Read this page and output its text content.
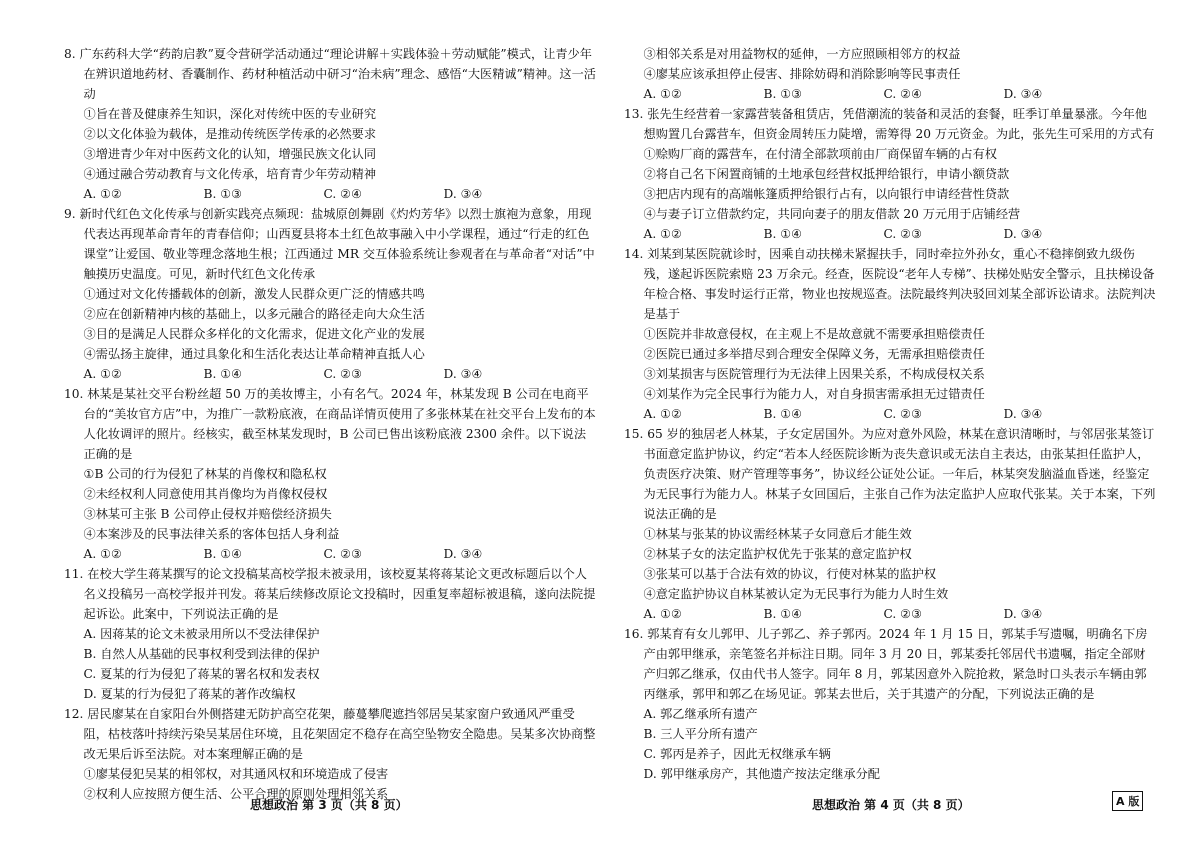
8. 广东药科大学“药韵启教”夏令营研学活动通过“理论讲解＋实践体验＋劳动赋能”模式，让青少年在辨识道地药材、香囊制作、药材种植活动中研习“治未病”理念、感悟“大医精诚”精神。这一活动

①旨在普及健康养生知识，深化对传统中医的专业研究

②以文化体验为载体，是推动传统医学传承的必然要求

③增进青少年对中医药文化的认知，增强民族文化认同

④通过融合劳动教育与文化传承，培育青少年劳动精神

A. ①②	B. ①③	C. ②④	D. ③④

9. 新时代红色文化传承与创新实践亮点频现：盐城原创舞剧《灼灼芳华》以烈士旗袍为意象，用现代表达再现革命青年的青春信仰；山西夏县将本土红色故事融入中小学课程，通过“行走的红色课堂”让爱国、敬业等理念落地生根；江西通过 MR 交互体验系统让参观者在与革命者“对话”中触摸历史温度。可见，新时代红色文化传承

①通过对文化传播载体的创新，激发人民群众更广泛的情感共鸣

②应在创新精神内核的基础上，以多元融合的路径走向大众生活

③目的是满足人民群众多样化的文化需求，促进文化产业的发展

④需弘扬主旋律，通过具象化和生活化表达让革命精神直抵人心

A. ①②	B. ①④	C. ②③	D. ③④

10. 林某是某社交平台粉丝超 50 万的美妆博主，小有名气。2024 年，林某发现 B 公司在电商平台的“美妆官方店”中，为推广一款粉底液，在商品详情页使用了多张林某在社交平台上发布的本人化妆调评的照片。经核实，截至林某发现时，B 公司已售出该粉底液 2300 余件。以下说法正确的是

①B 公司的行为侵犯了林某的肖像权和隐私权

②未经权利人同意使用其肖像均为肖像权侵权

③林某可主张 B 公司停止侵权并赔偿经济损失

④本案涉及的民事法律关系的客体包括人身利益

A. ①②	B. ①④	C. ②③	D. ③④

11. 在校大学生蒋某撰写的论文投稿某高校学报未被录用，该校夏某将蒋某论文更改标题后以个人名义投稿另一高校学报并刊发。蒋某后续修改原论文投稿时，因重复率超标被退稿，遂向法院提起诉讼。此案中，下列说法正确的是

A. 因蒋某的论文未被录用所以不受法律保护

B. 自然人从基础的民事权利受到法律的保护

C. 夏某的行为侵犯了蒋某的署名权和发表权

D. 夏某的行为侵犯了蒋某的著作改编权

12. 居民廖某在自家阳台外侧搭建无防护高空花架，藤蔓攀爬遮挡邻居吴某家窗户致通风严重受阻，枯枝落叶持续污染吴某居住环境，且花架固定不稳存在高空坠物安全隐患。吴某多次协商整改无果后诉至法院。对本案理解正确的是

①廖某侵犯吴某的相邻权，对其通风权和环境造成了侵害

②权利人应按照方便生活、公平合理的原则处理相邻关系

③相邻关系是对用益物权的延伸，一方应照顾相邻方的权益

④廖某应该承担停止侵害、排除妨碍和消除影响等民事责任

A. ①②	B. ①③	C. ②④	D. ③④

13. 张先生经营着一家露营装备租赁店，凭借潮流的装备和灵活的套餐，旺季订单量暴涨。今年他想购置几台露营车，但资金周转压力陡增，需筹得 20 万元资金。为此，张先生可采用的方式有

①赊购厂商的露营车，在付清全部款项前由厂商保留车辆的占有权

②将自己名下闲置商铺的土地承包经营权抵押给银行，申请小额贷款

③把店内现有的高端帐篷质押给银行占有，以向银行申请经营性贷款

④与妻子订立借款约定，共同向妻子的朋友借款 20 万元用于店铺经营

A. ①②	B. ①④	C. ②③	D. ③④

14. 刘某到某医院就诊时，因乘自动扶梯未紧握扶手，同时牵拉外孙女，重心不稳摔倒致九级伤残，遂起诉医院索赔 23 万余元。经查，医院设“老年人专梯”、扶梯处贴安全警示，且扶梯设备年检合格、事发时运行正常，物业也按规巡查。法院最终判决驳回刘某全部诉讼请求。法院判决是基于

①医院并非故意侵权，在主观上不是故意就不需要承担赔偿责任

②医院已通过多举措尽到合理安全保障义务，无需承担赔偿责任

③刘某损害与医院管理行为无法律上因果关系，不构成侵权关系

④刘某作为完全民事行为能力人，对自身损害需承担无过错责任

A. ①②	B. ①④	C. ②③	D. ③④

15. 65 岁的独居老人林某，子女定居国外。为应对意外风险，林某在意识清晰时，与邻居张某签订书面意定监护协议，约定“若本人经医院诊断为丧失意识或无法自主表达，由张某担任监护人，负责医疗决策、财产管理等事务”，协议经公证处公证。一年后，林某突发脑溢血昏迷，经鉴定为无民事行为能力人。林某子女回国后，主张自己作为法定监护人应取代张某。关于本案，下列说法正确的是

①林某与张某的协议需经林某子女同意后才能生效

②林某子女的法定监护权优先于张某的意定监护权

③张某可以基于合法有效的协议，行使对林某的监护权

④意定监护协议自林某被认定为无民事行为能力人时生效

A. ①②	B. ①④	C. ②③	D. ③④

16. 郭某育有女儿郭甲、儿子郭乙、养子郭丙。2024 年 1 月 15 日，郭某手写遗嘱，明确名下房产由郭甲继承，亲笔签名并标注日期。同年 3 月 20 日，郭某委托邻居代书遗嘱，指定全部财产归郭乙继承，仅由代书人签字。同年 8 月，郭某因意外入院抢救，紧急时口头表示车辆由郭丙继承，郭甲和郭乙在场见证。郭某去世后，关于其遗产的分配，下列说法正确的是

A. 郭乙继承所有遗产

B. 三人平分所有遗产

C. 郭丙是养子，因此无权继承车辆

D. 郭甲继承房产，其他遗产按法定继承分配

思想政治 第 3 页（共 8 页）	思想政治 第 4 页（共 8 页）	A 版
